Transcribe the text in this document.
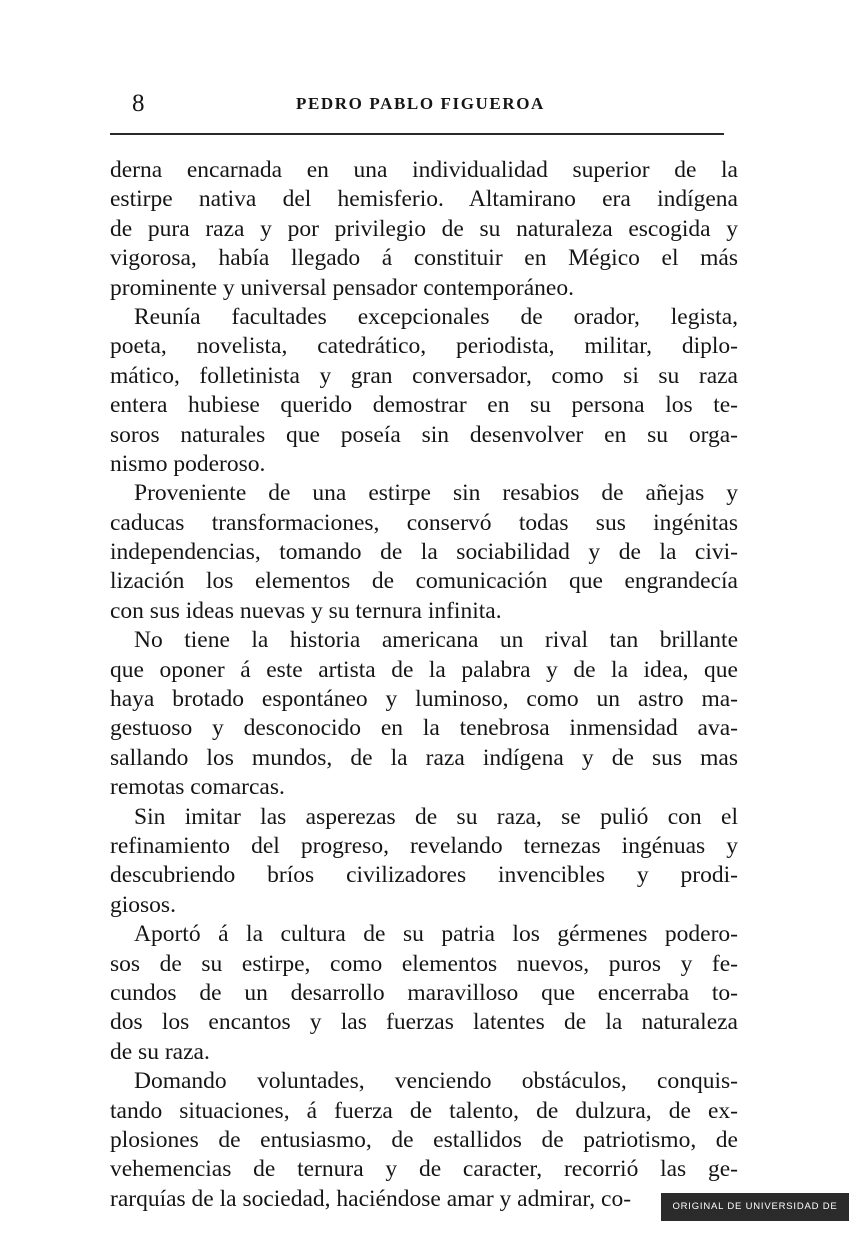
8	PEDRO PABLO FIGUEROA
derna encarnada en una individualidad superior de la
estirpe nativa del hemisferio. Altamirano era indígena
de pura raza y por privilegio de su naturaleza escogida y
vigorosa, había llegado á constituir en Mégico el más
prominente y universal pensador contemporáneo.
Reunía facultades excepcionales de orador, legista,
poeta, novelista, catedrático, periodista, militar, diplo-
mático, folletinista y gran conversador, como si su raza
entera hubiese querido demostrar en su persona los te-
soros naturales que poseía sin desenvolver en su orga-
nismo poderoso.
Proveniente de una estirpe sin resabios de añejas y
caducas transformaciones, conservó todas sus ingénitas
independencias, tomando de la sociabilidad y de la civi-
lización los elementos de comunicación que engrandecía
con sus ideas nuevas y su ternura infinita.
No tiene la historia americana un rival tan brillante
que oponer á este artista de la palabra y de la idea, que
haya brotado espontáneo y luminoso, como un astro ma-
gestuoso y desconocido en la tenebrosa inmensidad ava-
sallando los mundos, de la raza indígena y de sus mas
remotas comarcas.
Sin imitar las asperezas de su raza, se pulió con el
refinamiento del progreso, revelando ternezas ingénuas y
descubriendo bríos civilizadores invencibles y prodi-
giosos.
Aportó á la cultura de su patria los gérmenes podero-
sos de su estirpe, como elementos nuevos, puros y fe-
cundos de un desarrollo maravilloso que encerraba to-
dos los encantos y las fuerzas latentes de la naturaleza
de su raza.
Domando voluntades, venciendo obstáculos, conquis-
tando situaciones, á fuerza de talento, de dulzura, de ex-
plosiones de entusiasmo, de estallidos de patriotismo, de
vehemencias de ternura y de caracter, recorrió las ge-
rarquías de la sociedad, haciéndose amar y admirar, co-	ORIGINAL DE UNIVERSIDAD DE CHILE
